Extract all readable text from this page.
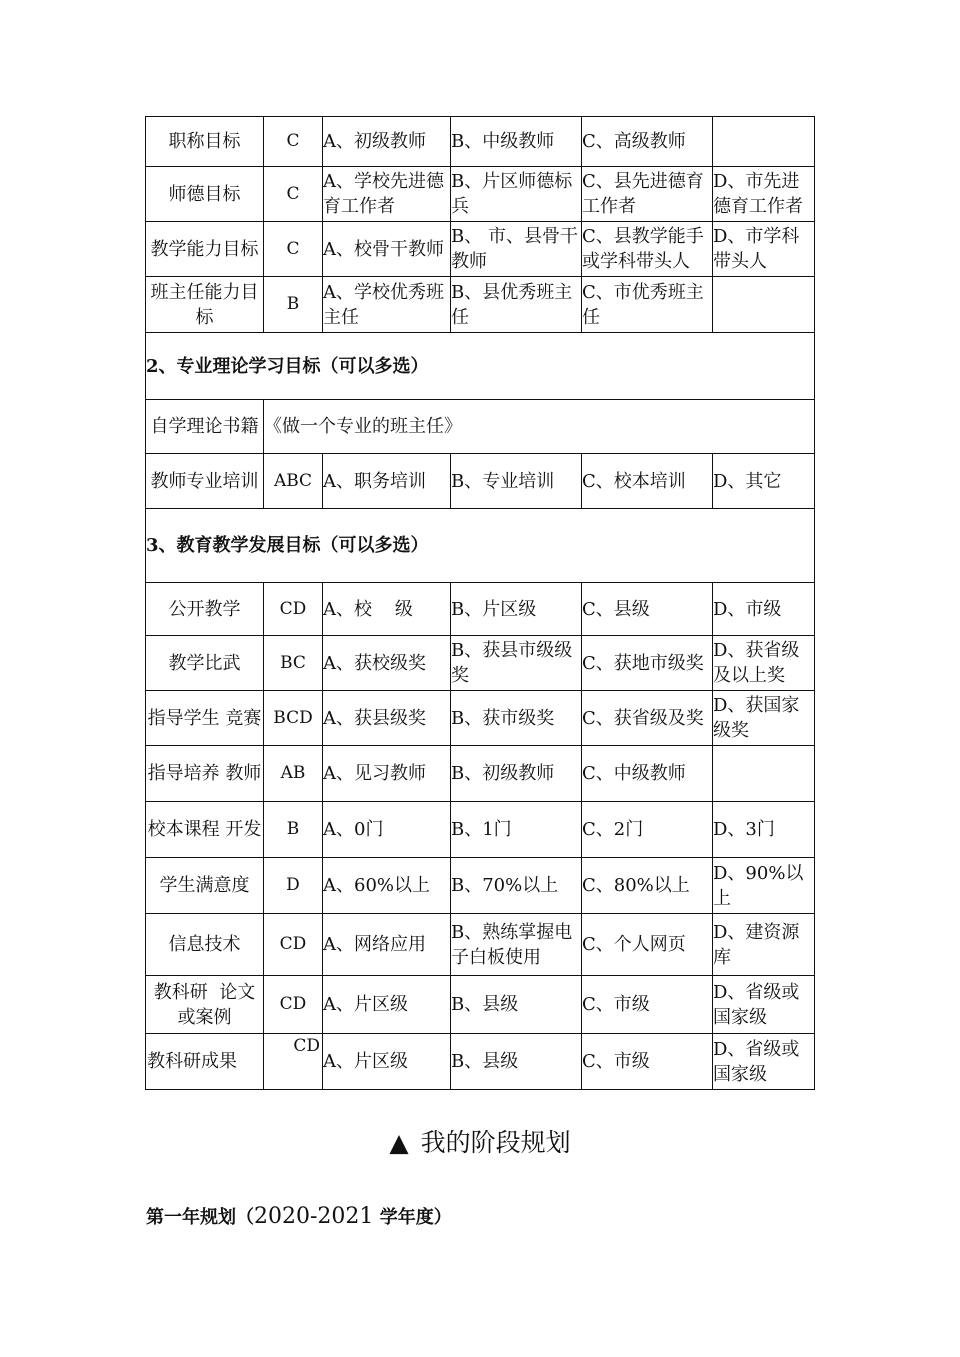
职称目标	C	A、初级教师	B、中级教师	C、高级教师	
师德目标	C	A、学校先进德育工作者	B、片区师德标兵	C、县先进德育工作者	D、市先进德育工作者
教学能力目标	C	A、校骨干教师	B、 市、县骨干教师	C、县教学能手或学科带头人	D、市学科带头人
班主任能力目标	B	A、学校优秀班主任	B、县优秀班主任	C、市优秀班主任	
2、专业理论学习目标（可以多选）					
自学理论书籍	《做一个专业的班主任》				
教师专业培训	ABC	A、职务培训	B、专业培训	C、校本培训	D、其它
3、教育教学发展目标（可以多选）					
公开教学	CD	A、校    级	B、片区级	C、县级	D、市级
教学比武	BC	A、获校级奖	B、获县市级级奖	C、获地市级奖	D、获省级及以上奖
指导学生 竞赛	BCD	A、获县级奖	B、获市级奖	C、获省级及奖	D、获国家级奖
指导培养 教师	AB	A、见习教师	B、初级教师	C、中级教师	
校本课程 开发	B	A、0门	B、1门	C、2门	D、3门
学生满意度	D	A、60%以上	B、70%以上	C、80%以上	D、90%以上
信息技术	CD	A、网络应用	B、熟练掌握电子白板使用	C、个人网页	D、建资源库
教科研  论文或案例	CD	A、片区级	B、县级	C、市级	D、省级或国家级
教科研成果	CD	A、片区级	B、县级	C、市级	D、省级或国家级
▲ 我的阶段规划
第一年规划（2020-2021 学年度）
